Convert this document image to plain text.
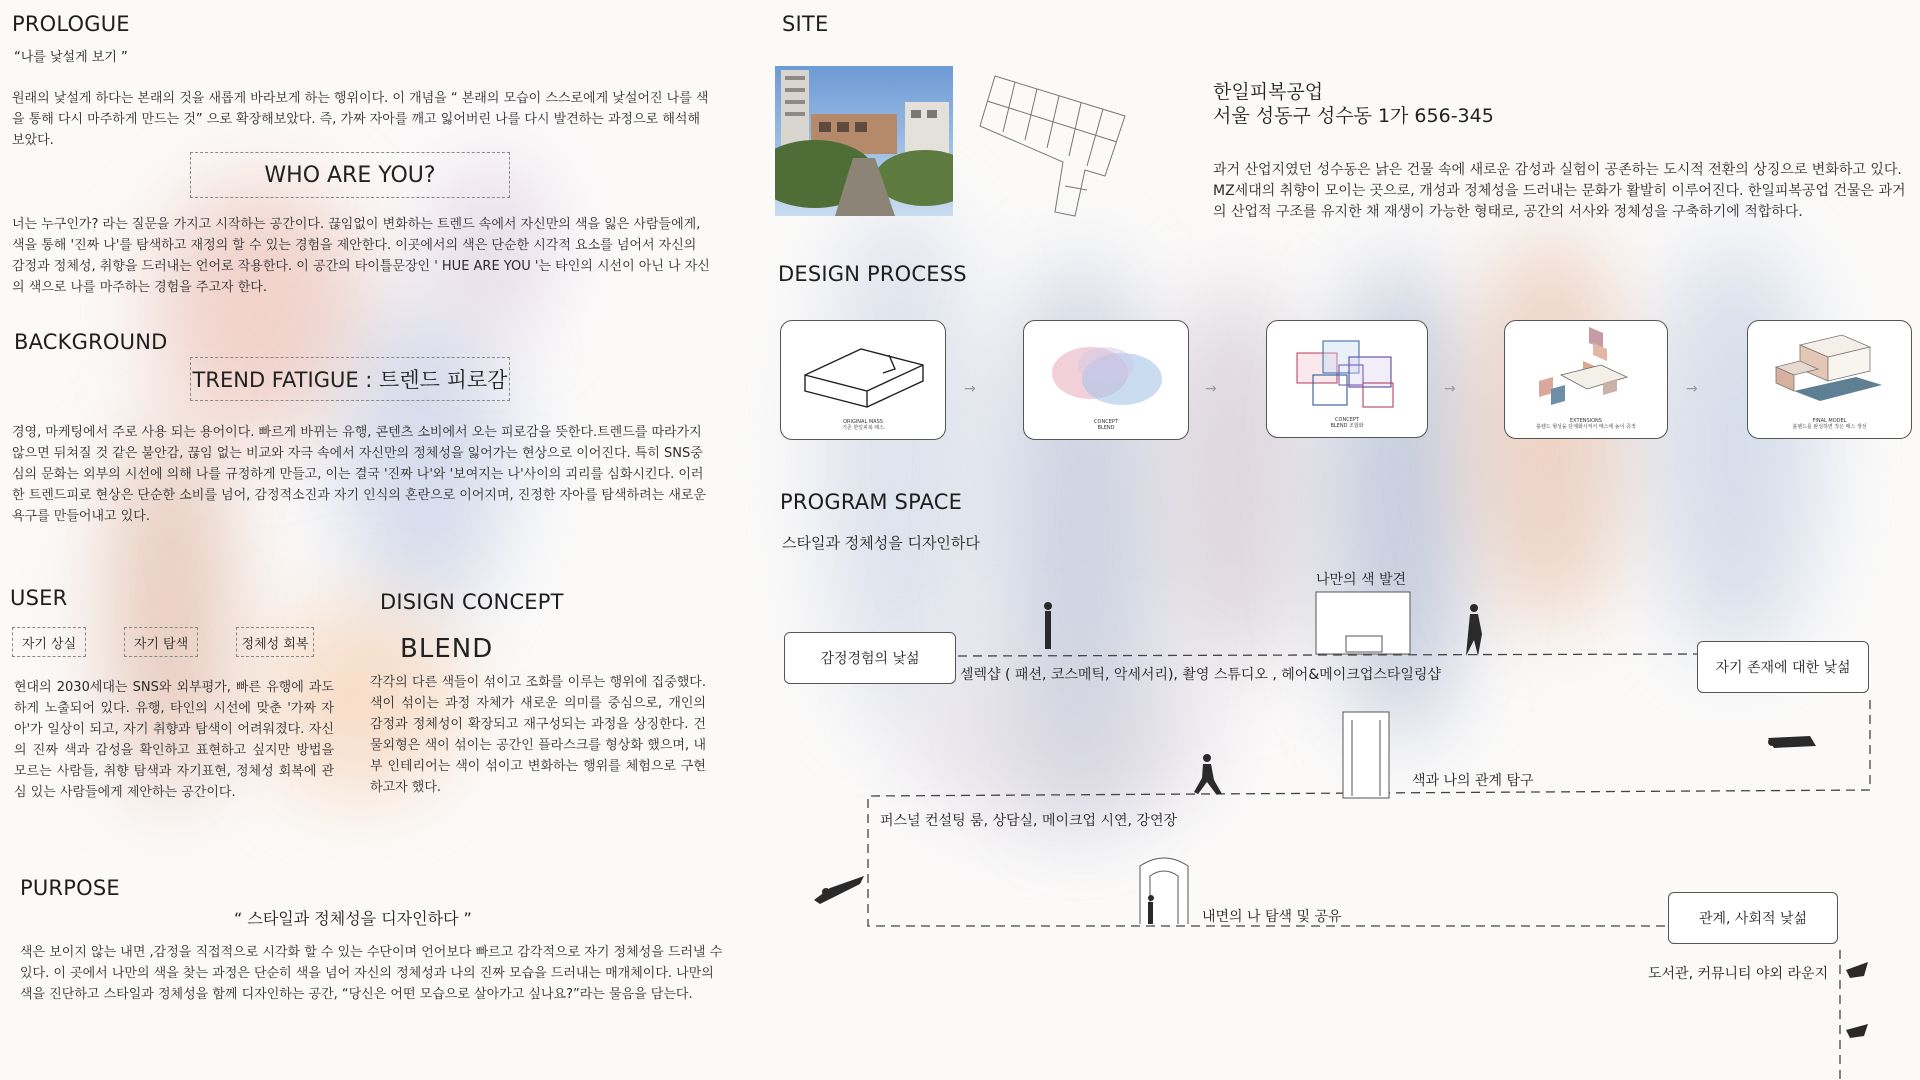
PROLOGUE
“나를 낯설게 보기 ”
원래의 낯설게 하다는 본래의 것을 새롭게 바라보게 하는 행위이다. 이 개념을 “ 본래의 모습이 스스로에게 낯설어진 나를 색을 통해 다시 마주하게 만드는 것” 으로 확장해보았다. 즉, 가짜 자아를 깨고 잃어버린 나를 다시 발견하는 과정으로 해석해보았다.
WHO ARE YOU?
너는 누구인가? 라는 질문을 가지고 시작하는 공간이다. 끊임없이 변화하는 트렌드 속에서 자신만의 색을 잃은 사람들에게, 색을 통해 '진짜 나'를 탐색하고 재정의 할 수 있는 경험을 제안한다. 이곳에서의 색은 단순한 시각적 요소를 넘어서 자신의 감정과 정체성, 취향을 드러내는 언어로 작용한다. 이 공간의 타이틀문장인 ' HUE ARE YOU '는 타인의 시선이 아닌 나 자신의 색으로 나를 마주하는 경험을 주고자 한다.
BACKGROUND
TREND FATIGUE : 트렌드 피로감
경영, 마케팅에서 주로 사용 되는 용어이다. 빠르게 바뀌는 유행, 콘텐츠 소비에서 오는 피로감을 뜻한다.트렌드를 따라가지 않으면 뒤쳐질 것 같은 불안감, 끊임 없는 비교와 자극 속에서 자신만의 정체성을 잃어가는 현상으로 이어진다. 특히 SNS중심의 문화는 외부의 시선에 의해 나를 규정하게 만들고, 이는 결국 '진짜 나'와 '보여지는 나'사이의 괴리를 심화시킨다. 이러한 트렌드피로 현상은 단순한 소비를 넘어, 감정적소진과 자기 인식의 혼란으로 이어지며, 진정한 자아를 탐색하려는 새로운 욕구를 만들어내고 있다.
USER
자기 상실	자기 탐색	정체성 회복
현대의 2030세대는 SNS와 외부평가, 빠른 유행에 과도하게 노출되어 있다. 유행, 타인의 시선에 맞춘 '가짜 자아'가 일상이 되고, 자기 취향과 탐색이 어려워졌다. 자신의 진짜 색과 감성을 확인하고 표현하고 싶지만 방법을 모르는 사람들, 취향 탐색과 자기표현, 정체성 회복에 관심 있는 사람들에게 제안하는 공간이다.
DISIGN CONCEPT
BLEND
각각의 다른 색들이 섞이고 조화를 이루는 행위에 집중했다. 색이 섞이는 과정 자체가 새로운 의미를 중심으로, 개인의 감정과 정체성이 확장되고 재구성되는 과정을 상징한다. 건물외형은 색이 섞이는 공간인 플라스크를 형상화 했으며, 내부 인테리어는 색이 섞이고 변화하는 행위를 체험으로 구현하고자 했다.
PURPOSE
“ 스타일과 정체성을 디자인하다 ”
색은 보이지 않는 내면 ,감정을 직접적으로 시각화 할 수 있는 수단이며 언어보다 빠르고 감각적으로 자기 정체성을 드러낼 수 있다. 이 곳에서 나만의 색을 찾는 과정은 단순히 색을 넘어 자신의 정체성과 나의 진짜 모습을 드러내는 매개체이다. 나만의 색을 진단하고 스타일과 정체성을 함께 디자인하는 공간, “당신은 어떤 모습으로 살아가고 싶나요?”라는 물음을 담는다.
SITE
한일피복공업
서울 성동구 성수동 1가 656-345
과거 산업지였던 성수동은 낡은 건물 속에 새로운 감성과 실험이 공존하는 도시적 전환의 상징으로 변화하고 있다. MZ세대의 취향이 모이는 곳으로, 개성과 정체성을 드러내는 문화가 활발히 이루어진다. 한일피복공업 건물은 과거의 산업적 구조를 유지한 채 재생이 가능한 형태로, 공간의 서사와 정체성을 구축하기에 적합하다.
DESIGN PROCESS
ORIGINAL MASS
기존 한일피복 매스
→
CONCEPT
BLEND
→
CONCEPT
BLEND 조합화
→
EXTENSIONS
블렌드 형성을 단계화시켜서 매스에 높이 증적
→
FINAL MODEL
블렌드를 완성하면 작은 매스 생성
PROGRAM SPACE
스타일과 정체성을 디자인하다
감정경험의 낯섦
자기 존재에 대한 낯섦
관계, 사회적 낯섦
나만의 색 발견
셀렉샵 ( 패션, 코스메틱, 악세서리), 촬영 스튜디오 , 헤어&메이크업스타일링샵
색과 나의 관계 탐구
퍼스널 컨설팅 룸, 상담실, 메이크업 시연, 강연장
내면의 나 탐색 및 공유
도서관, 커뮤니티 야외 라운지
